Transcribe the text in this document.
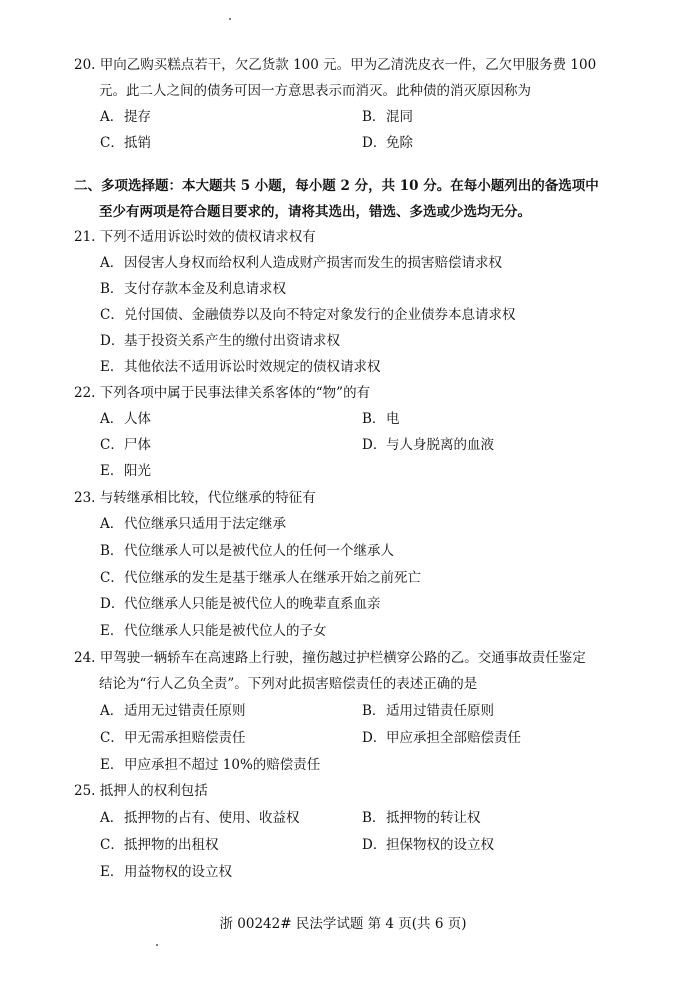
20. 甲向乙购买糕点若干，欠乙货款 100 元。甲为乙清洗皮衣一件，乙欠甲服务费 100
元。此二人之间的债务可因一方意思表示而消灭。此种债的消灭原因称为
A．提存	B．混同
C．抵销	D．免除
二、多项选择题：本大题共 5 小题，每小题 2 分，共 10 分。在每小题列出的备选项中
至少有两项是符合题目要求的，请将其选出，错选、多选或少选均无分。
21. 下列不适用诉讼时效的债权请求权有
A．因侵害人身权而给权利人造成财产损害而发生的损害赔偿请求权
B．支付存款本金及利息请求权
C．兑付国债、金融债券以及向不特定对象发行的企业债券本息请求权
D．基于投资关系产生的缴付出资请求权
E．其他依法不适用诉讼时效规定的债权请求权
22. 下列各项中属于民事法律关系客体的“物”的有
A．人体	B．电
C．尸体	D．与人身脱离的血液
E．阳光
23. 与转继承相比较，代位继承的特征有
A．代位继承只适用于法定继承
B．代位继承人可以是被代位人的任何一个继承人
C．代位继承的发生是基于继承人在继承开始之前死亡
D．代位继承人只能是被代位人的晚辈直系血亲
E．代位继承人只能是被代位人的子女
24. 甲驾驶一辆轿车在高速路上行驶，撞伤越过护栏横穿公路的乙。交通事故责任鉴定
结论为“行人乙负全责”。下列对此损害赔偿责任的表述正确的是
A．适用无过错责任原则	B．适用过错责任原则
C．甲无需承担赔偿责任	D．甲应承担全部赔偿责任
E．甲应承担不超过 10%的赔偿责任
25. 抵押人的权利包括
A．抵押物的占有、使用、收益权	B．抵押物的转让权
C．抵押物的出租权	D．担保物权的设立权
E．用益物权的设立权
浙 00242# 民法学试题 第 4 页(共 6 页)
